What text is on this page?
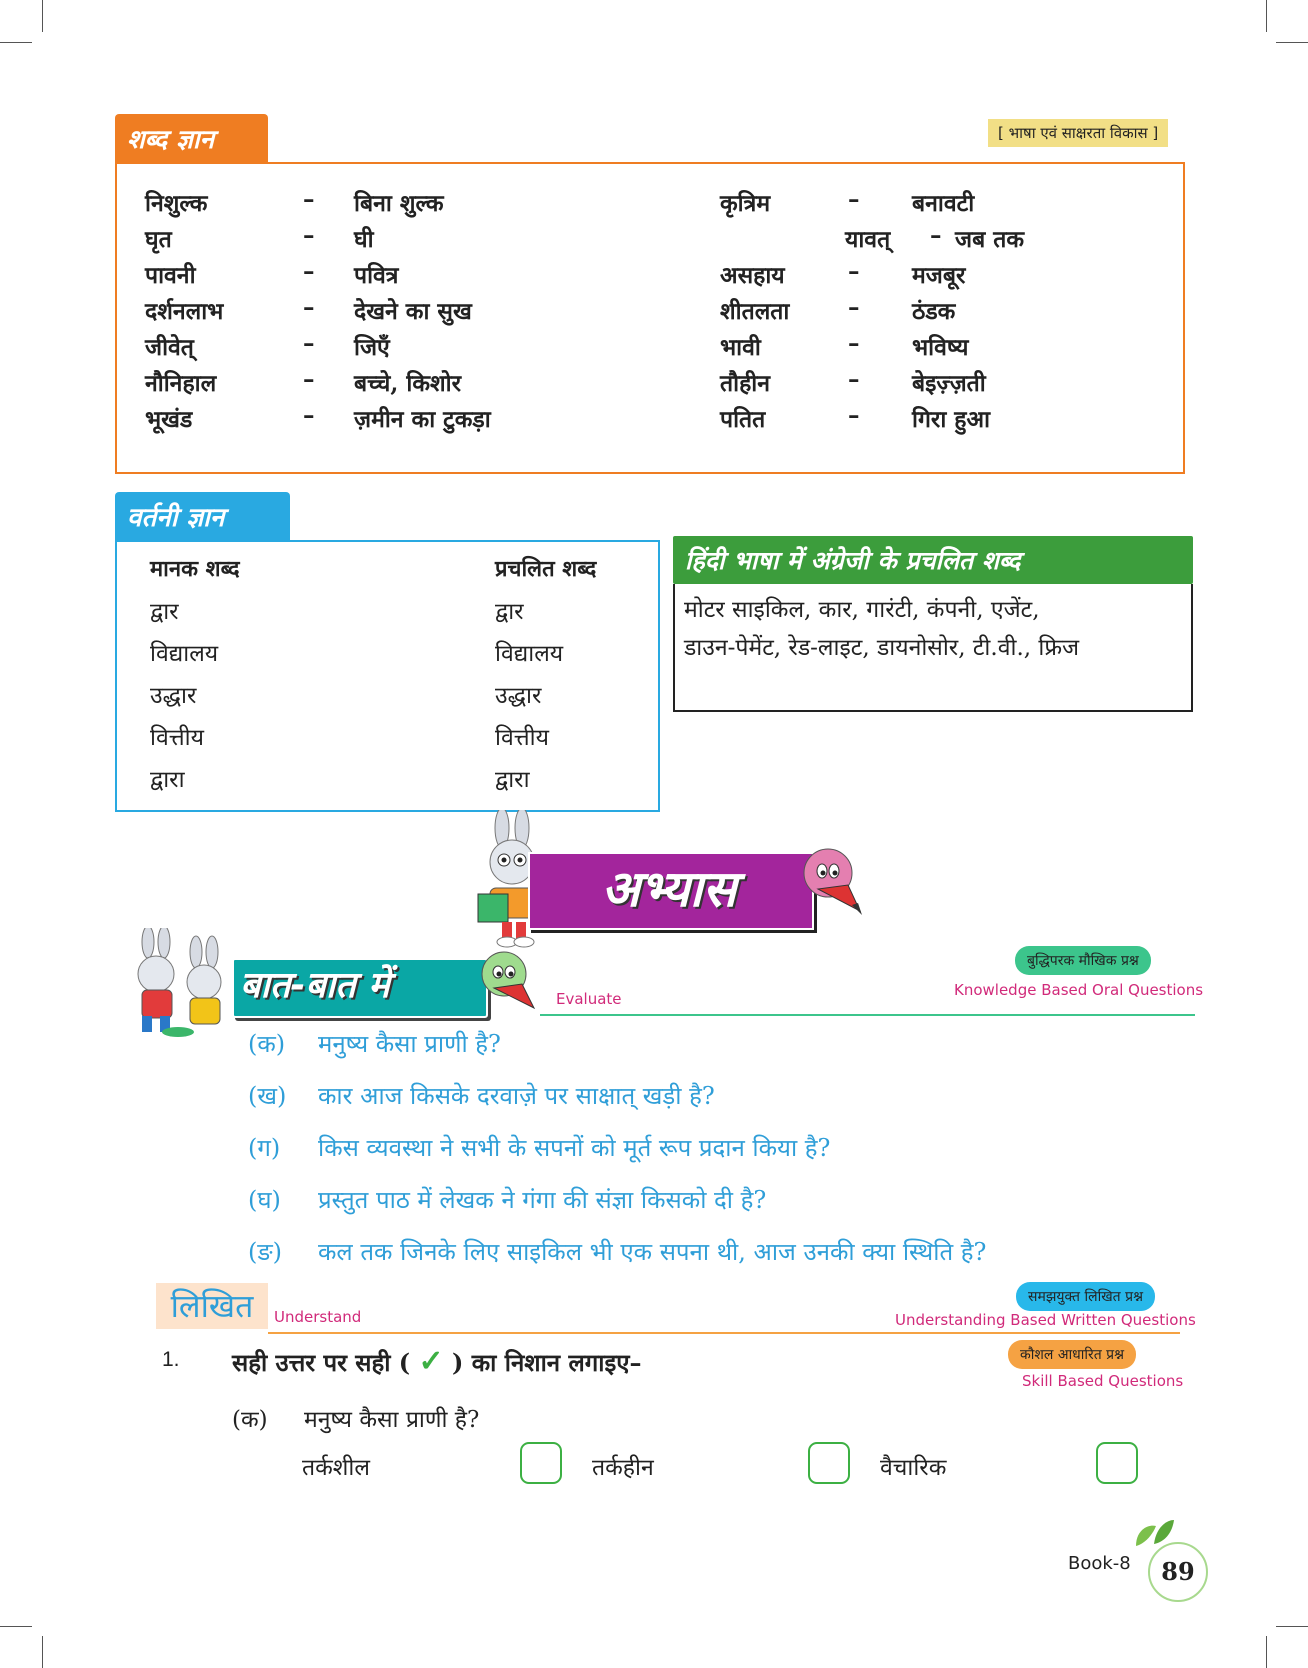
शब्द ज्ञान	[ भाषा एवं साक्षरता विकास ]
निशुल्क	– बिना शुल्क
घृत	– घी
पावनी	– पवित्र
दर्शनलाभ	– देखने का सुख
जीवेत्	– जिएँ
नौनिहाल	– बच्चे, किशोर
भूखंड	– ज़मीन का टुकड़ा
कृत्रिम	– बनावटी
यावत् – जब तक
असहाय	– मजबूर
शीतलता	– ठंडक
भावी	– भविष्य
तौहीन	– बेइज़्ज़ती
पतित	– गिरा हुआ
वर्तनी ज्ञान
मानक शब्द	प्रचलित शब्द
द्वार	द्वार
विद्यालय	विद्यालय
उद्धार	उद्धार
वित्तीय	वित्तीय
द्वारा	द्वारा
हिंदी भाषा में अंग्रेजी के प्रचलित शब्द
मोटर साइकिल, कार, गारंटी, कंपनी, एजेंट,
डाउन-पेमेंट, रेड-लाइट, डायनोसोर, टी.वी., फ्रिज
अभ्यास
बात-बात में	Evaluate
बुद्धिपरक मौखिक प्रश्न
Knowledge Based Oral Questions
(क) मनुष्य कैसा प्राणी है?
(ख) कार आज किसके दरवाज़े पर साक्षात् खड़ी है?
(ग) किस व्यवस्था ने सभी के सपनों को मूर्त रूप प्रदान किया है?
(घ) प्रस्तुत पाठ में लेखक ने गंगा की संज्ञा किसको दी है?
(ङ) कल तक जिनके लिए साइकिल भी एक सपना थी, आज उनकी क्या स्थिति है?
लिखित	Understand
समझयुक्त लिखित प्रश्न
Understanding Based Written Questions
1. सही उत्तर पर सही ( ✓ ) का निशान लगाइए–	कौशल आधारित प्रश्न
Skill Based Questions
(क) मनुष्य कैसा प्राणी है?
तर्कशील	तर्कहीन	वैचारिक
Book-8	89
